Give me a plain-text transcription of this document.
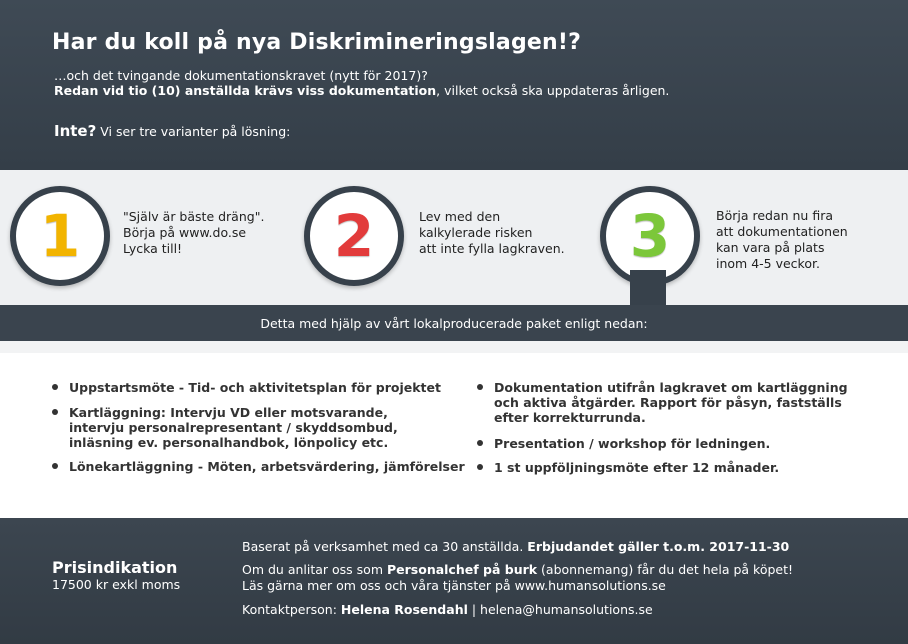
Har du koll på nya Diskrimineringslagen!?
…och det tvingande dokumentationskravet (nytt för 2017)?
Redan vid tio (10) anställda krävs viss dokumentation, vilket också ska uppdateras årligen.
Inte? Vi ser tre varianter på lösning:
1	"Själv är bäste dräng".
Börja på www.do.se
Lycka till!	2	Lev med den
kalkylerade risken
att inte fylla lagkraven.	3	Börja redan nu fira
att dokumentationen
kan vara på plats
inom 4-5 veckor.
Detta med hjälp av vårt lokalproducerade paket enligt nedan:
Uppstartsmöte - Tid- och aktivitetsplan för projektet
Kartläggning: Intervju VD eller motsvarande,
intervju personalrepresentant / skyddsombud,
inläsning ev. personalhandbok, lönpolicy etc.
Lönekartläggning - Möten, arbetsvärdering, jämförelser
Dokumentation utifrån lagkravet om kartläggning
och aktiva åtgärder. Rapport för påsyn, fastställs
efter korrekturrunda.
Presentation / workshop för ledningen.
1 st uppföljningsmöte efter 12 månader.
Prisindikation
17500 kr exkl moms
Baserat på verksamhet med ca 30 anställda. Erbjudandet gäller t.o.m. 2017-11-30
Om du anlitar oss som Personalchef på burk (abonnemang) får du det hela på köpet!
Läs gärna mer om oss och våra tjänster på www.humansolutions.se
Kontaktperson: Helena Rosendahl | helena@humansolutions.se
